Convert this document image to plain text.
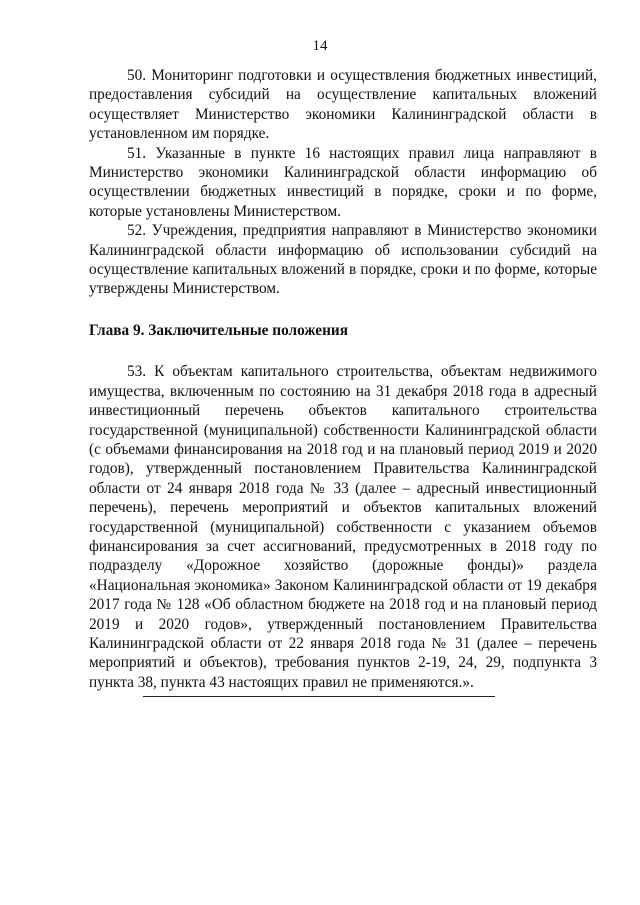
14

50. Мониторинг подготовки и осуществления бюджетных инвестиций, предоставления субсидий на осуществление капитальных вложений осуществляет Министерство экономики Калининградской области в установленном им порядке.

51. Указанные в пункте 16 настоящих правил лица направляют в Министерство экономики Калининградской области информацию об осуществлении бюджетных инвестиций в порядке, сроки и по форме, которые установлены Министерством.

52. Учреждения, предприятия направляют в Министерство экономики Калининградской области информацию об использовании субсидий на осуществление капитальных вложений в порядке, сроки и по форме, которые утверждены Министерством.

Глава 9. Заключительные положения

53. К объектам капитального строительства, объектам недвижимого имущества, включенным по состоянию на 31 декабря 2018 года в адресный инвестиционный перечень объектов капитального строительства государственной (муниципальной) собственности Калининградской области (с объемами финансирования на 2018 год и на плановый период 2019 и 2020 годов), утвержденный постановлением Правительства Калининградской области от 24 января 2018 года № 33 (далее – адресный инвестиционный перечень), перечень мероприятий и объектов капитальных вложений государственной (муниципальной) собственности с указанием объемов финансирования за счет ассигнований, предусмотренных в 2018 году по подразделу «Дорожное хозяйство (дорожные фонды)» раздела «Национальная экономика» Законом Калининградской области от 19 декабря 2017 года № 128 «Об областном бюджете на 2018 год и на плановый период 2019 и 2020 годов», утвержденный постановлением Правительства Калининградской области от 22 января 2018 года № 31 (далее – перечень мероприятий и объектов), требования пунктов 2-19, 24, 29, подпункта 3 пункта 38, пункта 43 настоящих правил не применяются.».
